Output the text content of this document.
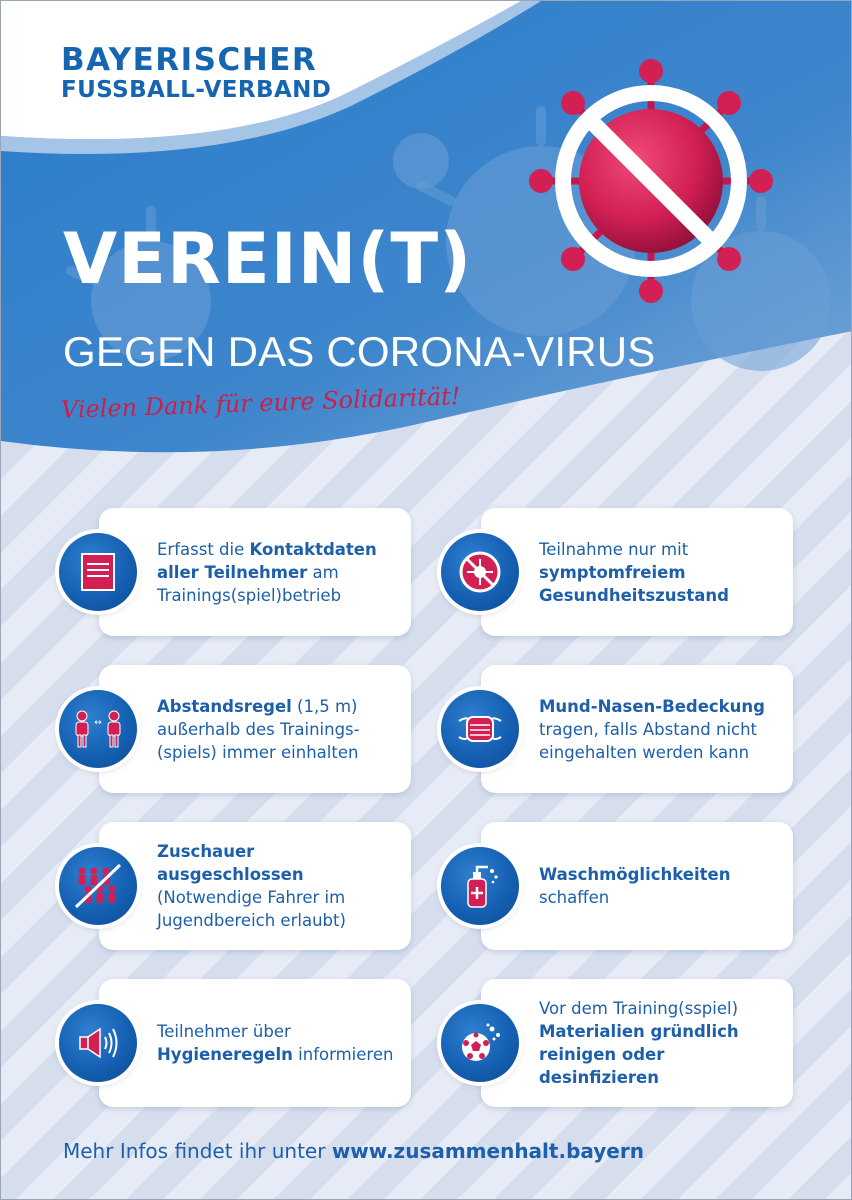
BAYERISCHER
FUSSBALL-VERBAND
VEREIN(T)
GEGEN DAS CORONA-VIRUS
Vielen Dank für eure Solidarität!
Erfasst die Kontaktdaten
aller Teilnehmer am
Trainings(spiel)betrieb
Teilnahme nur mit
symptomfreiem
Gesundheitszustand
↔
Abstandsregel (1,5 m)
außerhalb des Trainings-
(spiels) immer einhalten
Mund-Nasen-Bedeckung
tragen, falls Abstand nicht
eingehalten werden kann
Zuschauer ausgeschlossen
(Notwendige Fahrer im
Jugendbereich erlaubt)
Waschmöglichkeiten
schaffen
Teilnehmer über
Hygieneregeln informieren
Vor dem Training(sspiel)
Materialien gründlich
reinigen oder desinfizieren
Mehr Infos findet ihr unter www.zusammenhalt.bayern
